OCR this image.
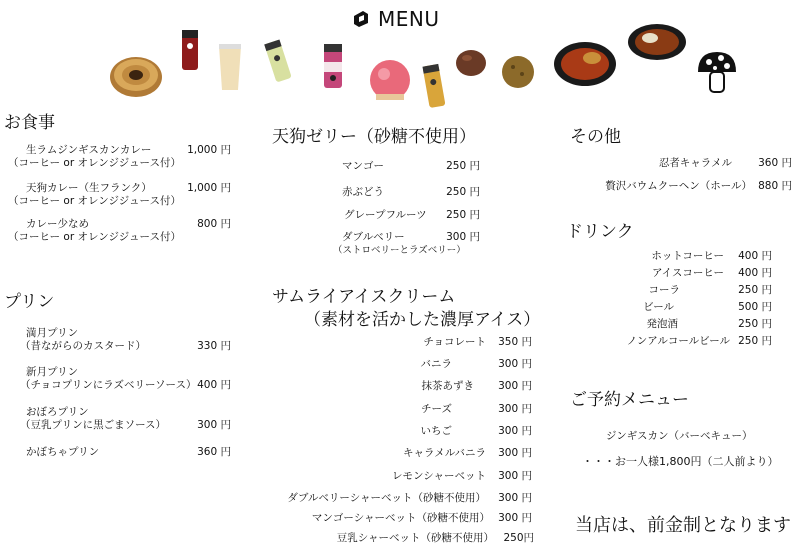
MENU
お食事
生ラムジンギスカンカレー	1,000 円
（コーヒー or オレンジジュース付）
天狗カレー（生フランク）	1,000 円
（コーヒー or オレンジジュース付）
カレー少なめ	800 円
（コーヒー or オレンジジュース付）
プリン
満月プリン
（昔ながらのカスタード）	330 円
新月プリン
（チョコプリンにラズベリーソース） 400 円
おぼろプリン
（豆乳プリンに黒ごまソース）	300 円
かぼちゃプリン	360 円
天狗ゼリー（砂糖不使用）
マンゴー	250 円
赤ぶどう	250 円
グレープフルーツ	250 円
ダブルベリー	300 円
（ストロベリーとラズベリー）
サムライアイスクリーム
（素材を活かした濃厚アイス）
チョコレート	350 円
バニラ	300 円
抹茶あずき	300 円
チーズ	300 円
いちご	300 円
キャラメルバニラ	300 円
レモンシャーベット	300 円
ダブルベリーシャーベット（砂糖不使用）	300 円
マンゴーシャーベット（砂糖不使用） 300 円
豆乳シャーベット（砂糖不使用） 250円
その他
忍者キャラメル	360 円
贅沢バウムクーヘン（ホール） 880 円
ドリンク
ホットコーヒー	400 円
アイスコーヒー	400 円
コーラ	250 円
ビール	500 円
発泡酒	250 円
ノンアルコールビール 250 円
ご予約メニュー
ジンギスカン（バーベキュー）
・・・お一人様1,800円（二人前より）
当店は、前金制となります
